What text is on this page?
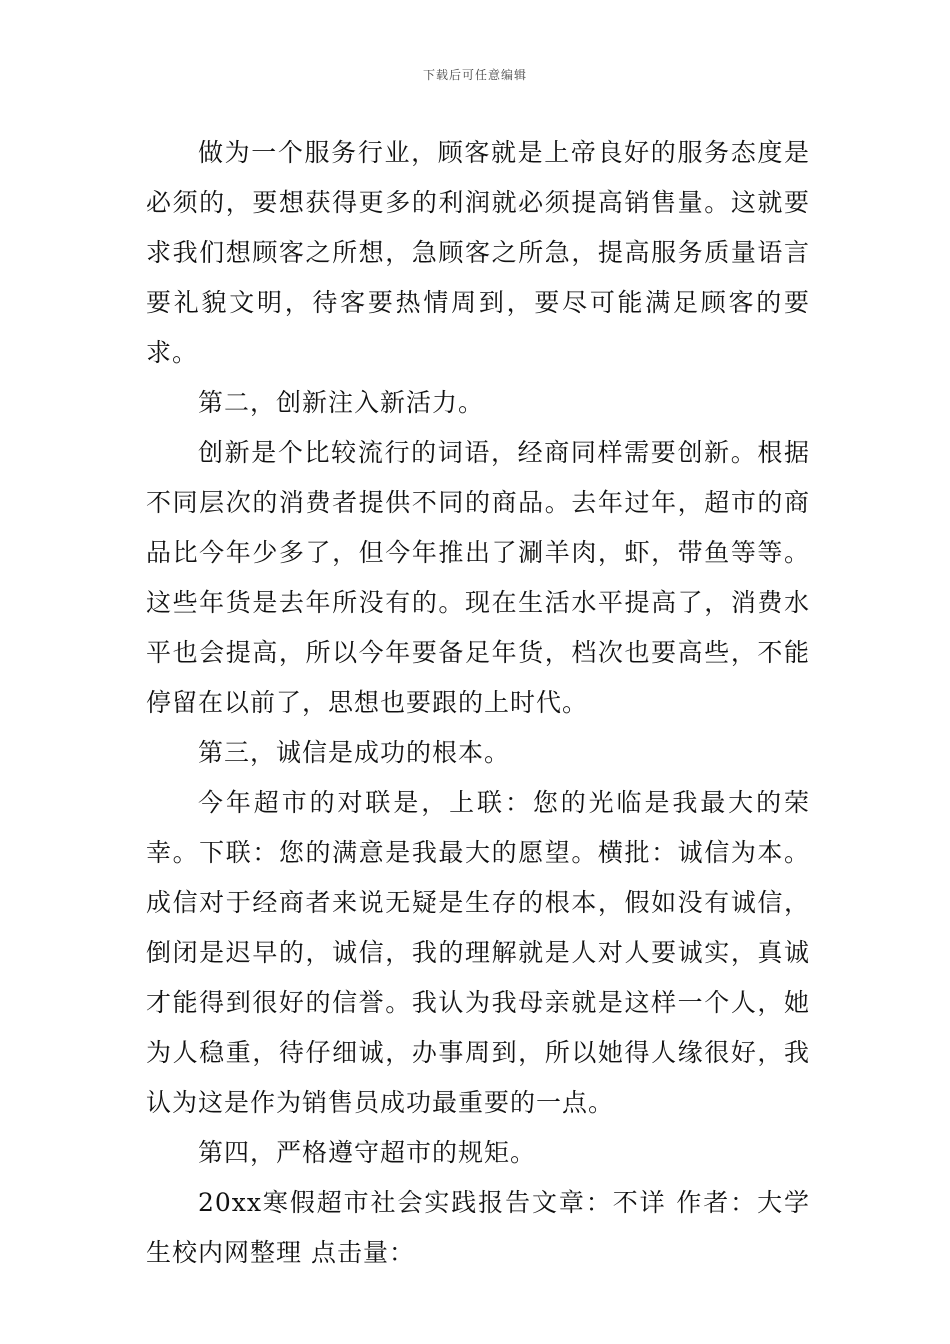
下载后可任意编辑

做为一个服务行业，顾客就是上帝良好的服务态度是必须的，要想获得更多的利润就必须提高销售量。这就要求我们想顾客之所想，急顾客之所急，提高服务质量语言要礼貌文明，待客要热情周到，要尽可能满足顾客的要求。

第二，创新注入新活力。

创新是个比较流行的词语，经商同样需要创新。根据不同层次的消费者提供不同的商品。去年过年，超市的商品比今年少多了，但今年推出了涮羊肉，虾，带鱼等等。这些年货是去年所没有的。现在生活水平提高了，消费水平也会提高，所以今年要备足年货，档次也要高些，不能停留在以前了，思想也要跟的上时代。

第三，诚信是成功的根本。

今年超市的对联是，上联：您的光临是我最大的荣幸。下联：您的满意是我最大的愿望。横批：诚信为本。成信对于经商者来说无疑是生存的根本，假如没有诚信，倒闭是迟早的，诚信，我的理解就是人对人要诚实，真诚才能得到很好的信誉。我认为我母亲就是这样一个人，她为人稳重，待仔细诚，办事周到，所以她得人缘很好，我认为这是作为销售员成功最重要的一点。

第四，严格遵守超市的规矩。

20xx寒假超市社会实践报告文章：不详 作者：大学生校内网整理 点击量：
